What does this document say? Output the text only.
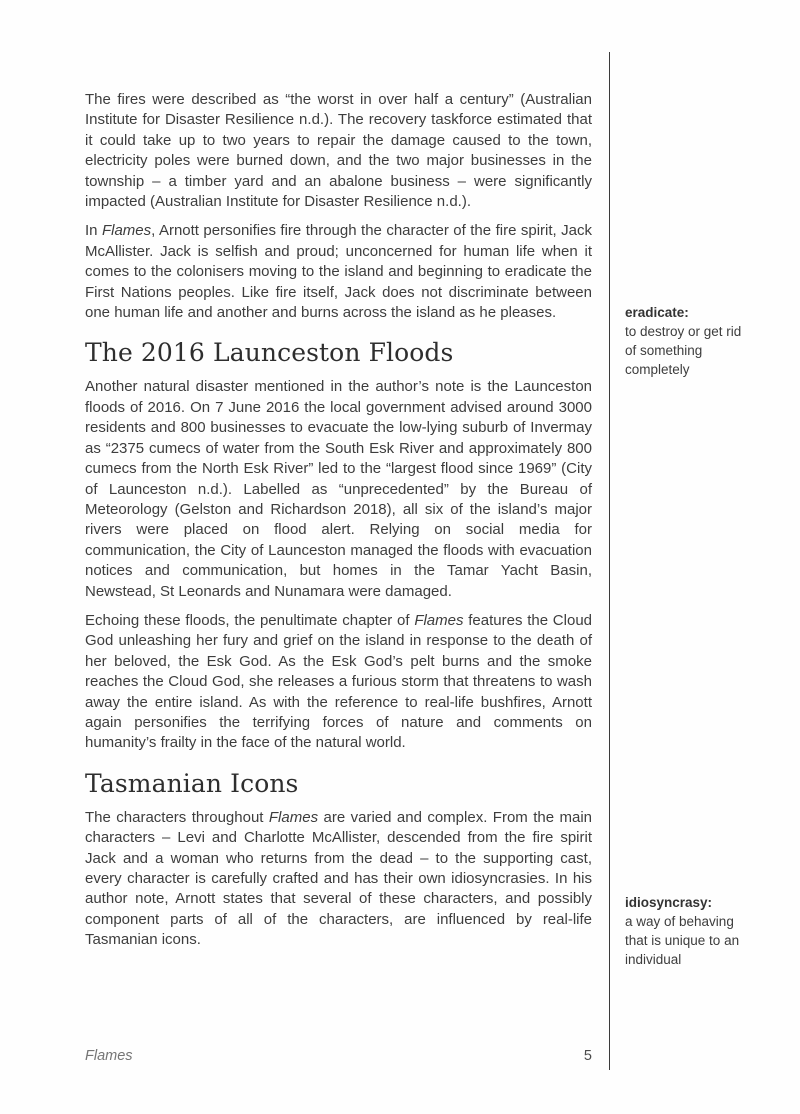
The fires were described as “the worst in over half a century” (Australian Institute for Disaster Resilience n.d.). The recovery taskforce estimated that it could take up to two years to repair the damage caused to the town, electricity poles were burned down, and the two major businesses in the township – a timber yard and an abalone business – were significantly impacted (Australian Institute for Disaster Resilience n.d.).

In Flames, Arnott personifies fire through the character of the fire spirit, Jack McAllister. Jack is selfish and proud; unconcerned for human life when it comes to the colonisers moving to the island and beginning to eradicate the First Nations peoples. Like fire itself, Jack does not discriminate between one human life and another and burns across the island as he pleases.

The 2016 Launceston Floods

Another natural disaster mentioned in the author’s note is the Launceston floods of 2016. On 7 June 2016 the local government advised around 3000 residents and 800 businesses to evacuate the low-lying suburb of Invermay as “2375 cumecs of water from the South Esk River and approximately 800 cumecs from the North Esk River” led to the “largest flood since 1969” (City of Launceston n.d.). Labelled as “unprecedented” by the Bureau of Meteorology (Gelston and Richardson 2018), all six of the island’s major rivers were placed on flood alert. Relying on social media for communication, the City of Launceston managed the floods with evacuation notices and communication, but homes in the Tamar Yacht Basin, Newstead, St Leonards and Nunamara were damaged.

Echoing these floods, the penultimate chapter of Flames features the Cloud God unleashing her fury and grief on the island in response to the death of her beloved, the Esk God. As the Esk God’s pelt burns and the smoke reaches the Cloud God, she releases a furious storm that threatens to wash away the entire island. As with the reference to real-life bushfires, Arnott again personifies the terrifying forces of nature and comments on humanity’s frailty in the face of the natural world.

Tasmanian Icons

The characters throughout Flames are varied and complex. From the main characters – Levi and Charlotte McAllister, descended from the fire spirit Jack and a woman who returns from the dead – to the supporting cast, every character is carefully crafted and has their own idiosyncrasies. In his author note, Arnott states that several of these characters, and possibly component parts of all of the characters, are influenced by real-life Tasmanian icons.

eradicate:
to destroy or get rid of something completely
idiosyncrasy:
a way of behaving that is unique to an individual
Flames	5
